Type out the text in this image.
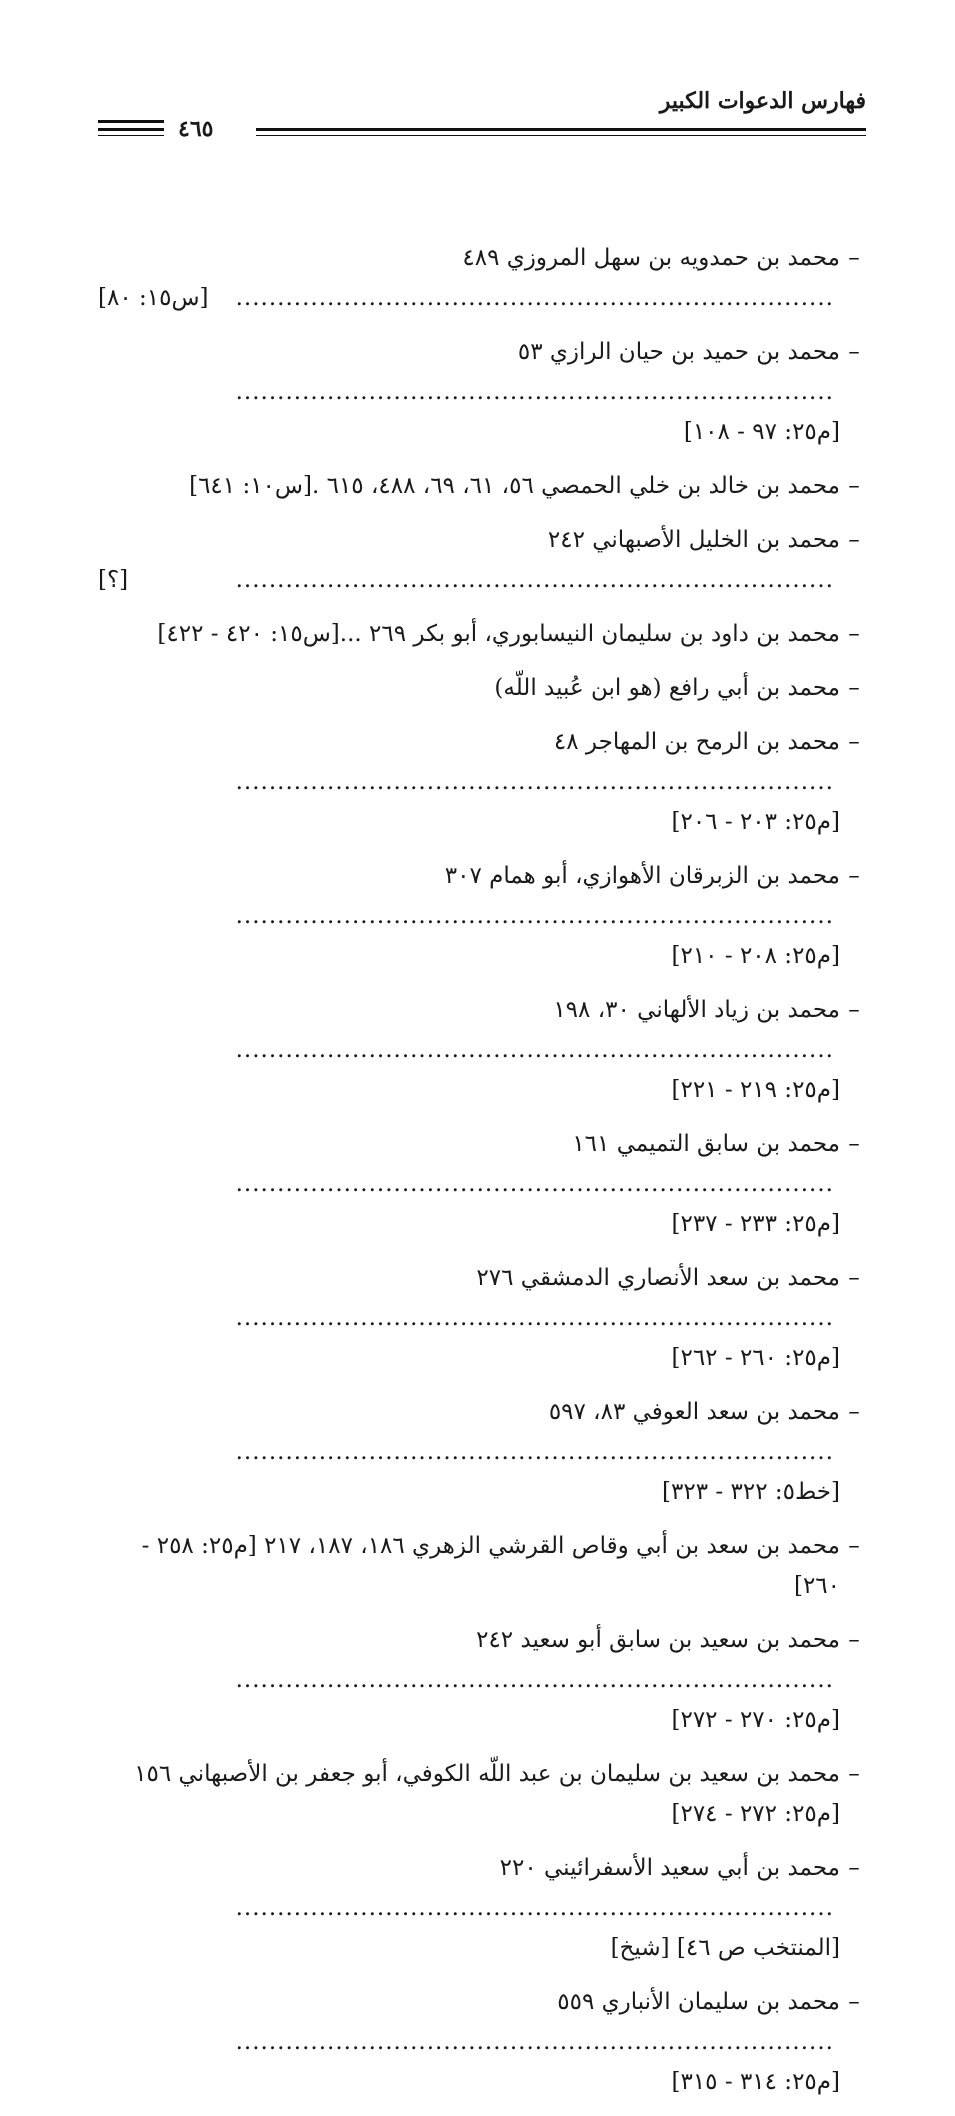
فهارس الدعوات الكبير
٤٦٥
–
محمد بن حمدويه بن سهل المروزي ٤٨٩
........................................................................
[س١٥: ٨٠]
–
محمد بن حميد بن حيان الرازي ٥٣
........................................................................
[م٢٥: ٩٧ - ١٠٨]
–
محمد بن خالد بن خلي الحمصي ٥٦، ٦١، ٦٩، ٤٨٨، ٦١٥ .[س١٠: ٦٤١]
–
محمد بن الخليل الأصبهاني ٢٤٢
........................................................................
[؟]
–
محمد بن داود بن سليمان النيسابوري، أبو بكر ٢٦٩ ...[س١٥: ٤٢٠ - ٤٢٢]
–
محمد بن أبي رافع (هو ابن عُبيد اللّه)
–
محمد بن الرمح بن المهاجر ٤٨
........................................................................
[م٢٥: ٢٠٣ - ٢٠٦]
–
محمد بن الزبرقان الأهوازي، أبو همام ٣٠٧
........................................................................
[م٢٥: ٢٠٨ - ٢١٠]
–
محمد بن زياد الألهاني ٣٠، ١٩٨
........................................................................
[م٢٥: ٢١٩ - ٢٢١]
–
محمد بن سابق التميمي ١٦١
........................................................................
[م٢٥: ٢٣٣ - ٢٣٧]
–
محمد بن سعد الأنصاري الدمشقي ٢٧٦
........................................................................
[م٢٥: ٢٦٠ - ٢٦٢]
–
محمد بن سعد العوفي ٨٣، ٥٩٧
........................................................................
[خط٥: ٣٢٢ - ٣٢٣]
–
محمد بن سعد بن أبي وقاص القرشي الزهري ١٨٦، ١٨٧، ٢١٧ [م٢٥: ٢٥٨ - ٢٦٠]
–
محمد بن سعيد بن سابق أبو سعيد ٢٤٢
........................................................................
[م٢٥: ٢٧٠ - ٢٧٢]
–
محمد بن سعيد بن سليمان بن عبد اللّه الكوفي، أبو جعفر بن الأصبهاني ١٥٦ [م٢٥: ٢٧٢ - ٢٧٤]
–
محمد بن أبي سعيد الأسفرائيني ٢٢٠
........................................................................
[المنتخب ص ٤٦] [شيخ]
–
محمد بن سليمان الأنباري ٥٥٩
........................................................................
[م٢٥: ٣١٤ - ٣١٥]
